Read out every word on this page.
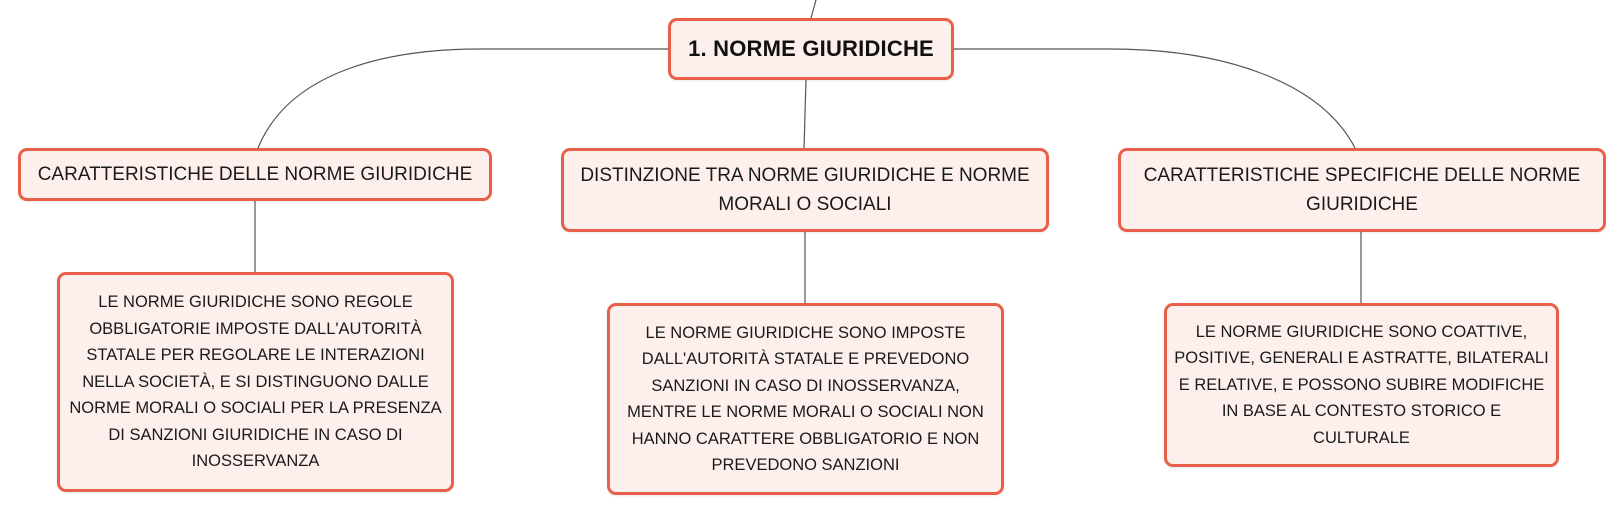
1. NORME GIURIDICHE
CARATTERISTICHE DELLE NORME GIURIDICHE	DISTINZIONE TRA NORME GIURIDICHE E NORME MORALI O SOCIALI
CARATTERISTICHE SPECIFICHE DELLE NORME GIURIDICHE
LE NORME GIURIDICHE SONO REGOLE OBBLIGATORIE IMPOSTE DALL'AUTORITÀ STATALE PER REGOLARE LE INTERAZIONI NELLA SOCIETÀ, E SI DISTINGUONO DALLE NORME MORALI O SOCIALI PER LA PRESENZA DI SANZIONI GIURIDICHE IN CASO DI INOSSERVANZA
LE NORME GIURIDICHE SONO IMPOSTE DALL'AUTORITÀ STATALE E PREVEDONO SANZIONI IN CASO DI INOSSERVANZA, MENTRE LE NORME MORALI O SOCIALI NON HANNO CARATTERE OBBLIGATORIO E NON PREVEDONO SANZIONI
LE NORME GIURIDICHE SONO COATTIVE, POSITIVE, GENERALI E ASTRATTE, BILATERALI E RELATIVE, E POSSONO SUBIRE MODIFICHE IN BASE AL CONTESTO STORICO E CULTURALE
